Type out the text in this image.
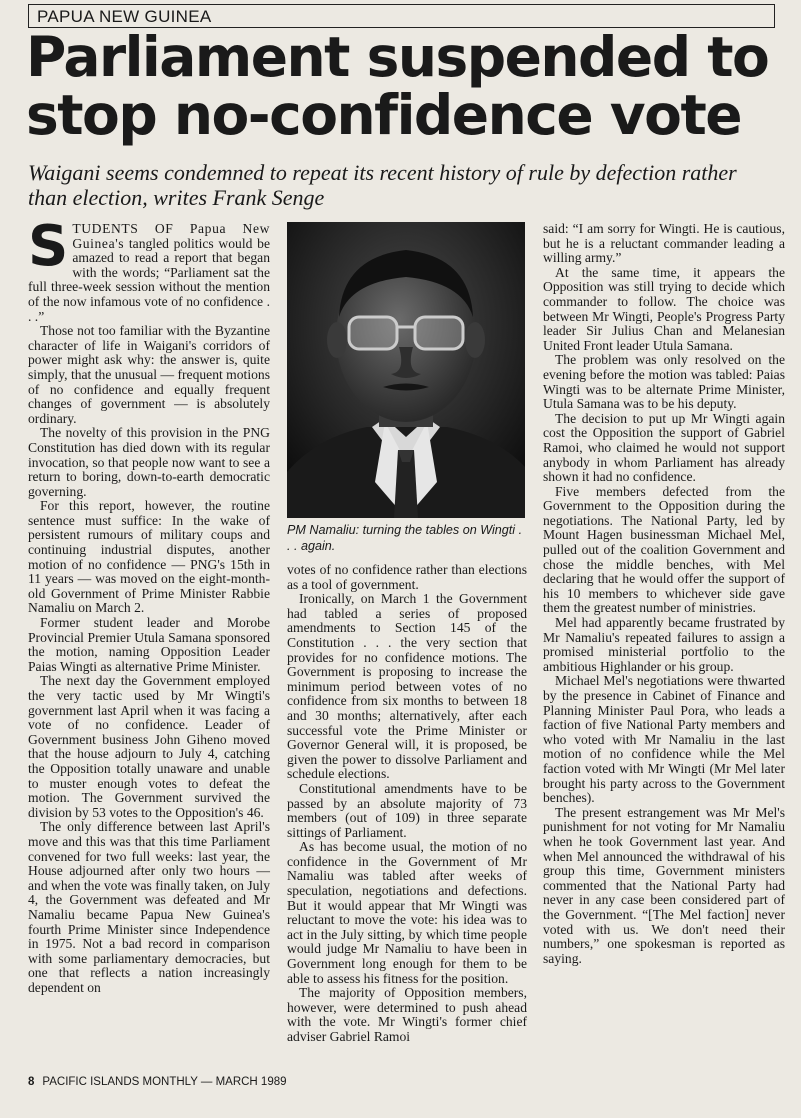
PAPUA NEW GUINEA
Parliament suspended to stop no-confidence vote

Waigani seems condemned to repeat its recent history of rule by defection rather than election, writes Frank Senge

STUDENTS OF Papua New Guinea's tangled politics would be amazed to read a report that began with the words; “Parliament sat the full three-week session without the mention of the now infamous vote of no confidence . . .”

Those not too familiar with the Byzantine character of life in Waigani's corridors of power might ask why: the answer is, quite simply, that the unusual — frequent motions of no confidence and equally frequent changes of government — is absolutely ordinary.

The novelty of this provision in the PNG Constitution has died down with its regular invocation, so that people now want to see a return to boring, down-to-earth democratic governing.

For this report, however, the routine sentence must suffice: In the wake of persistent rumours of military coups and continuing industrial disputes, another motion of no confidence — PNG's 15th in 11 years — was moved on the eight-month-old Government of Prime Minister Rabbie Namaliu on March 2.

Former student leader and Morobe Provincial Premier Utula Samana sponsored the motion, naming Opposition Leader Paias Wingti as alternative Prime Minister.

The next day the Government employed the very tactic used by Mr Wingti's government last April when it was facing a vote of no confidence. Leader of Government business John Giheno moved that the house adjourn to July 4, catching the Opposition totally unaware and unable to muster enough votes to defeat the motion. The Government survived the division by 53 votes to the Opposition's 46.

The only difference between last April's move and this was that this time Parliament convened for two full weeks: last year, the House adjourned after only two hours — and when the vote was finally taken, on July 4, the Government was defeated and Mr Namaliu became Papua New Guinea's fourth Prime Minister since Independence in 1975. Not a bad record in comparison with some parliamentary democracies, but one that reflects a nation increasingly dependent on

PM Namaliu: turning the tables on Wingti . . . again.

votes of no confidence rather than elections as a tool of government.

Ironically, on March 1 the Government had tabled a series of proposed amendments to Section 145 of the Constitution . . . the very section that provides for no confidence motions. The Government is proposing to increase the minimum period between votes of no confidence from six months to between 18 and 30 months; alternatively, after each successful vote the Prime Minister or Governor General will, it is proposed, be given the power to dissolve Parliament and schedule elections.

Constitutional amendments have to be passed by an absolute majority of 73 members (out of 109) in three separate sittings of Parliament.

As has become usual, the motion of no confidence in the Government of Mr Namaliu was tabled after weeks of speculation, negotiations and defections. But it would appear that Mr Wingti was reluctant to move the vote: his idea was to act in the July sitting, by which time people would judge Mr Namaliu to have been in Government long enough for them to be able to assess his fitness for the position.

The majority of Opposition members, however, were determined to push ahead with the vote. Mr Wingti's former chief adviser Gabriel Ramoi

said: “I am sorry for Wingti. He is cautious, but he is a reluctant commander leading a willing army.”

At the same time, it appears the Opposition was still trying to decide which commander to follow. The choice was between Mr Wingti, People's Progress Party leader Sir Julius Chan and Melanesian United Front leader Utula Samana.

The problem was only resolved on the evening before the motion was tabled: Paias Wingti was to be alternate Prime Minister, Utula Samana was to be his deputy.

The decision to put up Mr Wingti again cost the Opposition the support of Gabriel Ramoi, who claimed he would not support anybody in whom Parliament has already shown it had no confidence.

Five members defected from the Government to the Opposition during the negotiations. The National Party, led by Mount Hagen businessman Michael Mel, pulled out of the coalition Government and chose the middle benches, with Mel declaring that he would offer the support of his 10 members to whichever side gave them the greatest number of ministries.

Mel had apparently became frustrated by Mr Namaliu's repeated failures to assign a promised ministerial portfolio to the ambitious Highlander or his group.

Michael Mel's negotiations were thwarted by the presence in Cabinet of Finance and Planning Minister Paul Pora, who leads a faction of five National Party members and who voted with Mr Namaliu in the last motion of no confidence while the Mel faction voted with Mr Wingti (Mr Mel later brought his party across to the Government benches).

The present estrangement was Mr Mel's punishment for not voting for Mr Namaliu when he took Government last year. And when Mel announced the withdrawal of his group this time, Government ministers commented that the National Party had never in any case been considered part of the Government. “[The Mel faction] never voted with us. We don't need their numbers,” one spokesman is reported as saying.

8 PACIFIC ISLANDS MONTHLY — MARCH 1989
